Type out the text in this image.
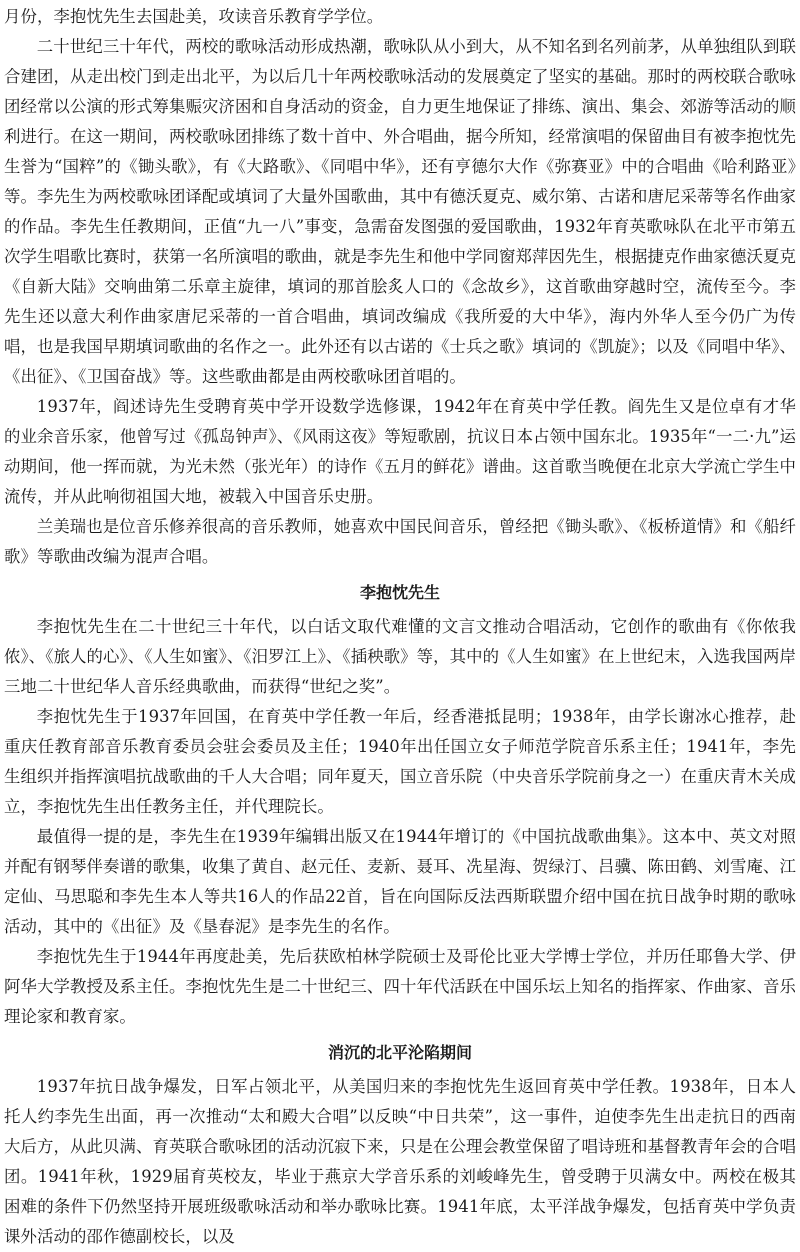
月份，李抱忱先生去国赴美，攻读音乐教育学学位。

二十世纪三十年代，两校的歌咏活动形成热潮，歌咏队从小到大，从不知名到名列前茅，从单独组队到联合建团，从走出校门到走出北平，为以后几十年两校歌咏活动的发展奠定了坚实的基础。那时的两校联合歌咏团经常以公演的形式筹集赈灾济困和自身活动的资金，自力更生地保证了排练、演出、集会、郊游等活动的顺利进行。在这一期间，两校歌咏团排练了数十首中、外合唱曲，据今所知，经常演唱的保留曲目有被李抱忱先生誉为“国粹”的《锄头歌》，有《大路歌》、《同唱中华》，还有亨德尔大作《弥赛亚》中的合唱曲《哈利路亚》等。李先生为两校歌咏团译配或填词了大量外国歌曲，其中有德沃夏克、威尔第、古诺和唐尼采蒂等名作曲家的作品。李先生任教期间，正值“九一八”事变，急需奋发图强的爱国歌曲，1932年育英歌咏队在北平市第五次学生唱歌比赛时，获第一名所演唱的歌曲，就是李先生和他中学同窗郑萍因先生，根据捷克作曲家德沃夏克《自新大陆》交响曲第二乐章主旋律，填词的那首脍炙人口的《念故乡》，这首歌曲穿越时空，流传至今。李先生还以意大利作曲家唐尼采蒂的一首合唱曲，填词改编成《我所爱的大中华》，海内外华人至今仍广为传唱，也是我国早期填词歌曲的名作之一。此外还有以古诺的《士兵之歌》填词的《凯旋》；以及《同唱中华》、《出征》、《卫国奋战》等。这些歌曲都是由两校歌咏团首唱的。

1937年，阎述诗先生受聘育英中学开设数学选修课，1942年在育英中学任教。阎先生又是位卓有才华的业余音乐家，他曾写过《孤岛钟声》、《风雨这夜》等短歌剧，抗议日本占领中国东北。1935年“一二·九”运动期间，他一挥而就，为光未然（张光年）的诗作《五月的鲜花》谱曲。这首歌当晚便在北京大学流亡学生中流传，并从此响彻祖国大地，被载入中国音乐史册。

兰美瑞也是位音乐修养很高的音乐教师，她喜欢中国民间音乐，曾经把《锄头歌》、《板桥道情》和《船纤歌》等歌曲改编为混声合唱。

李抱忱先生

李抱忱先生在二十世纪三十年代，以白话文取代难懂的文言文推动合唱活动，它创作的歌曲有《你侬我侬》、《旅人的心》、《人生如蜜》、《汨罗江上》、《插秧歌》等，其中的《人生如蜜》在上世纪末，入选我国两岸三地二十世纪华人音乐经典歌曲，而获得“世纪之奖”。

李抱忱先生于1937年回国，在育英中学任教一年后，经香港抵昆明；1938年，由学长谢冰心推荐，赴重庆任教育部音乐教育委员会驻会委员及主任；1940年出任国立女子师范学院音乐系主任；1941年，李先生组织并指挥演唱抗战歌曲的千人大合唱；同年夏天，国立音乐院（中央音乐学院前身之一）在重庆青木关成立，李抱忱先生出任教务主任，并代理院长。

最值得一提的是，李先生在1939年编辑出版又在1944年增订的《中国抗战歌曲集》。这本中、英文对照并配有钢琴伴奏谱的歌集，收集了黄自、赵元任、麦新、聂耳、冼星海、贺绿汀、吕骥、陈田鹤、刘雪庵、江定仙、马思聪和李先生本人等共16人的作品22首，旨在向国际反法西斯联盟介绍中国在抗日战争时期的歌咏活动，其中的《出征》及《垦春泥》是李先生的名作。

李抱忱先生于1944年再度赴美，先后获欧柏林学院硕士及哥伦比亚大学博士学位，并历任耶鲁大学、伊阿华大学教授及系主任。李抱忱先生是二十世纪三、四十年代活跃在中国乐坛上知名的指挥家、作曲家、音乐理论家和教育家。

消沉的北平沦陷期间

1937年抗日战争爆发，日军占领北平，从美国归来的李抱忱先生返回育英中学任教。1938年，日本人托人约李先生出面，再一次推动“太和殿大合唱”以反映“中日共荣”，这一事件，迫使李先生出走抗日的西南大后方，从此贝满、育英联合歌咏团的活动沉寂下来，只是在公理会教堂保留了唱诗班和基督教青年会的合唱团。1941年秋，1929届育英校友，毕业于燕京大学音乐系的刘峻峰先生，曾受聘于贝满女中。两校在极其困难的条件下仍然坚持开展班级歌咏活动和举办歌咏比赛。1941年底，太平洋战争爆发，包括育英中学负责课外活动的邵作德副校长，以及
